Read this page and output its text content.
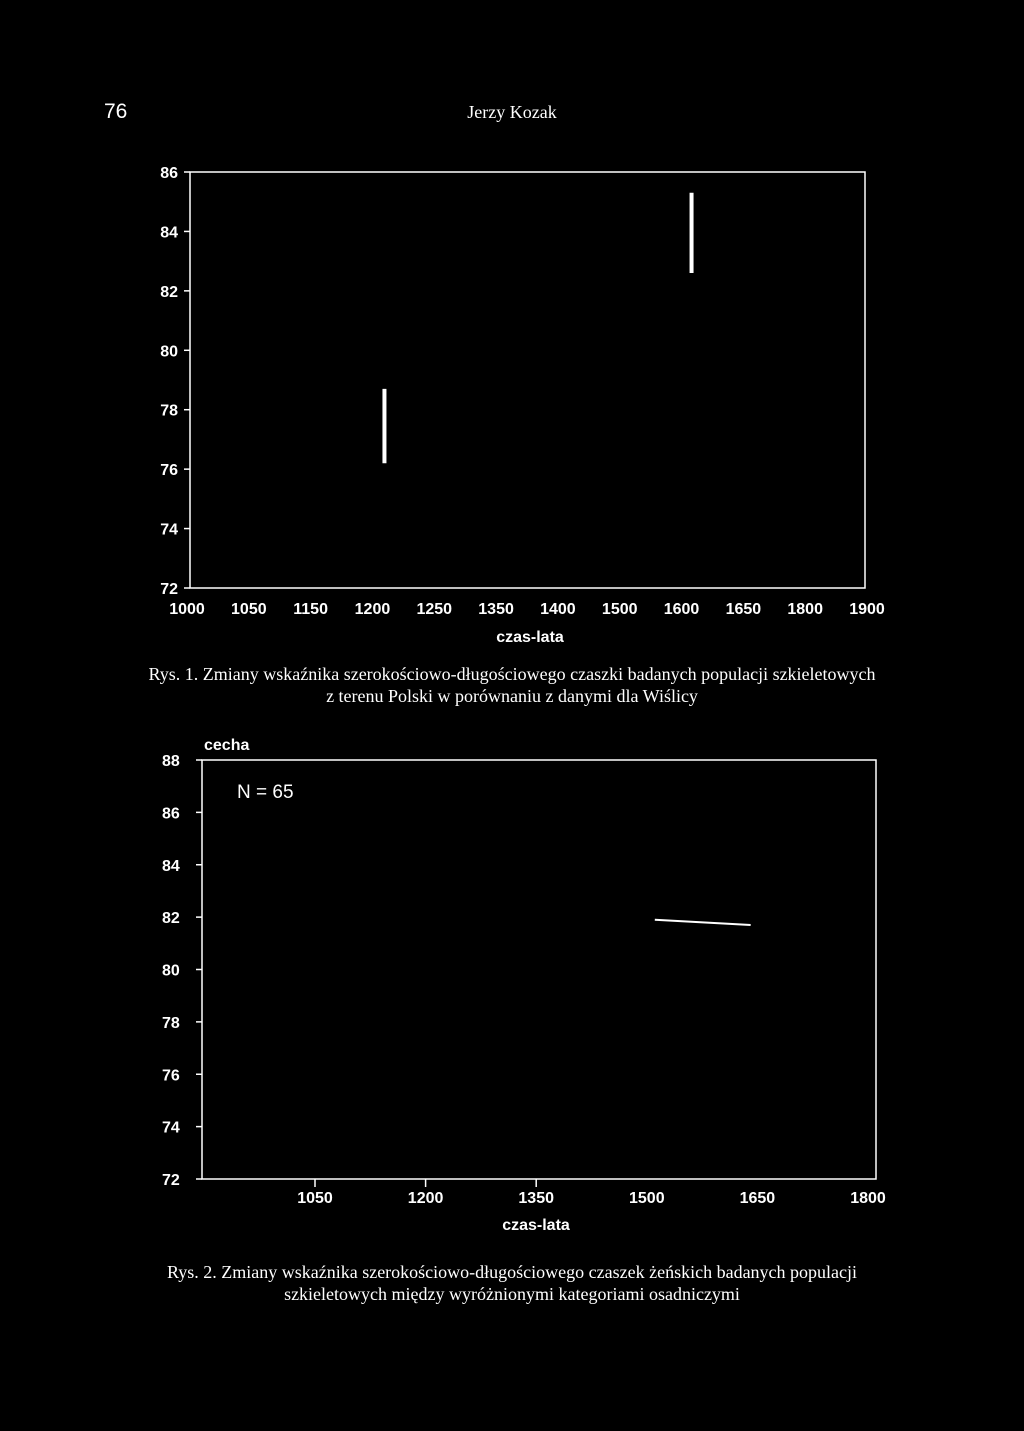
76	Jerzy Kozak
72
74
76
78
80
82
84
86
1000 1050 1150 1200 1250 1350 1400 1500 1600 1650 1800 1900
czas-lata
Rys. 1. Zmiany wskaźnika szerokościowo-długościowego czaszki badanych populacji szkieletowych
z terenu Polski w porównaniu z danymi dla Wiślicy
cecha
N = 65
72
74
76
78
80
82
84
86
88
1050	1200	1350	1500	1650	1800
czas-lata
Rys. 2. Zmiany wskaźnika szerokościowo-długościowego czaszek żeńskich badanych populacji
szkieletowych między wyróżnionymi kategoriami osadniczymi
